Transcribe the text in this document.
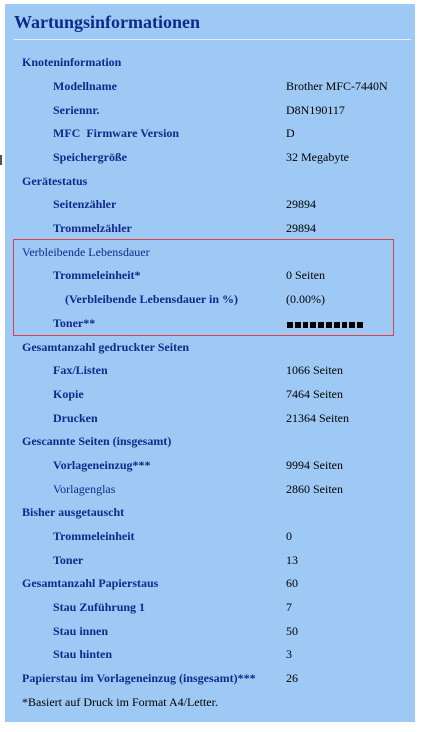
Wartungsinformationen
Knoteninformation
Modellname	Brother MFC-7440N
Seriennr.	D8N190117
MFC  Firmware Version	D
Speichergröße	32 Megabyte
Gerätestatus
Seitenzähler	29894
Trommelzähler	29894
Verbleibende Lebensdauer
Trommeleinheit*	0 Seiten
(Verbleibende Lebensdauer in %)	(0.00%)
Toner**
Gesamtanzahl gedruckter Seiten
Fax/Listen	1066 Seiten
Kopie	7464 Seiten
Drucken	21364 Seiten
Gescannte Seiten (insgesamt)
Vorlageneinzug***	9994 Seiten
Vorlagenglas	2860 Seiten
Bisher ausgetauscht
Trommeleinheit	0
Toner	13
Gesamtanzahl Papierstaus	60
Stau Zuführung 1	7
Stau innen	50
Stau hinten	3
Papierstau im Vorlageneinzug (insgesamt)***	26
*Basiert auf Druck im Format A4/Letter.
